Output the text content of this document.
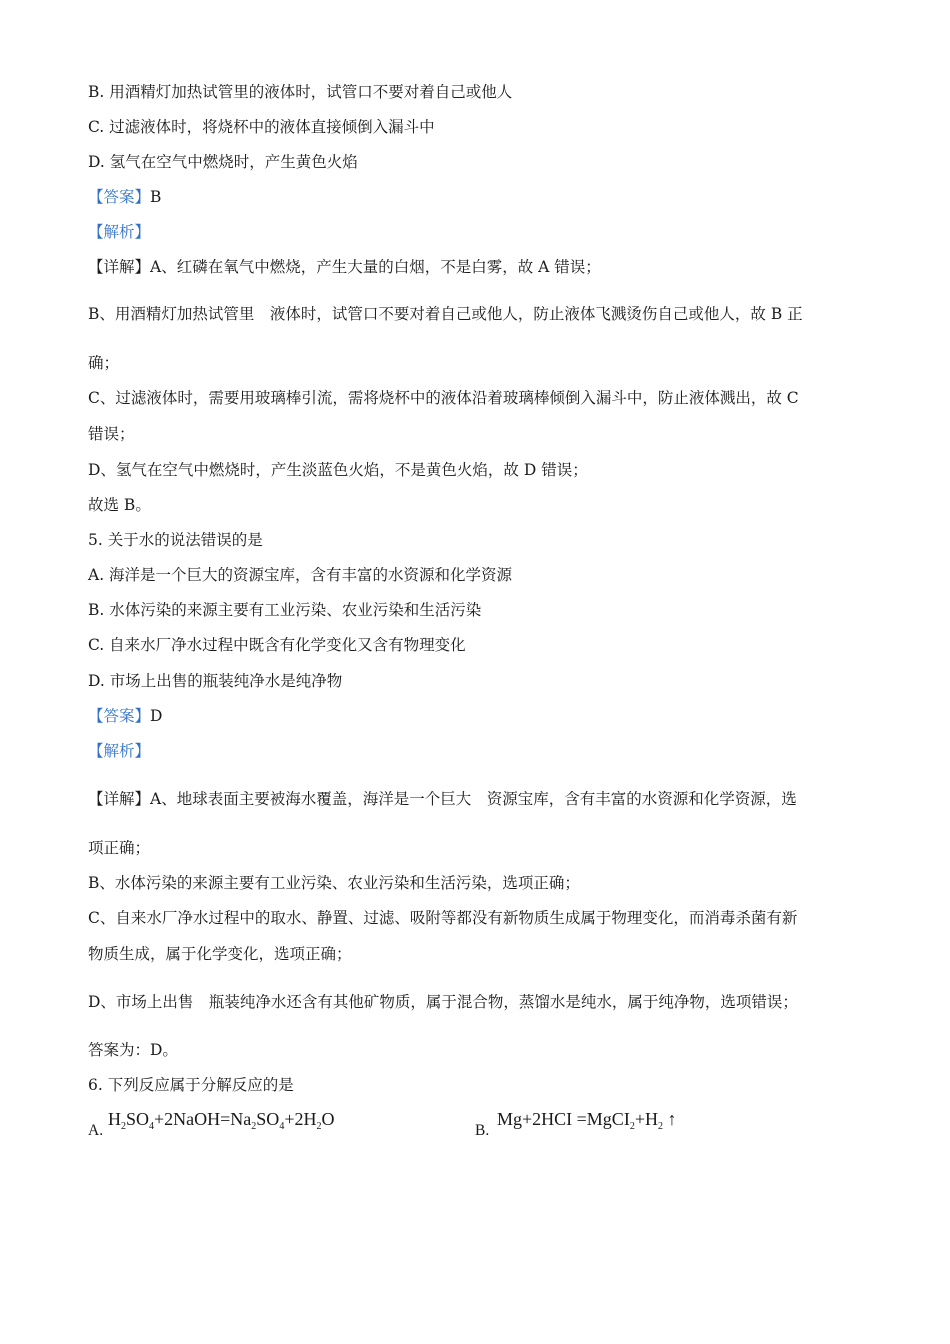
B. 用酒精灯加热试管里的液体时，试管口不要对着自己或他人
C. 过滤液体时，将烧杯中的液体直接倾倒入漏斗中
D. 氢气在空气中燃烧时，产生黄色火焰
【答案】B
【解析】
【详解】A、红磷在氧气中燃烧，产生大量的白烟，不是白雾，故 A 错误；
B、用酒精灯加热试管里　液体时，试管口不要对着自己或他人，防止液体飞溅烫伤自己或他人，故 B 正
确；
C、过滤液体时，需要用玻璃棒引流，需将烧杯中的液体沿着玻璃棒倾倒入漏斗中，防止液体溅出，故 C
错误；
D、氢气在空气中燃烧时，产生淡蓝色火焰，不是黄色火焰，故 D 错误；
故选 B。
5. 关于水的说法错误的是
A. 海洋是一个巨大的资源宝库，含有丰富的水资源和化学资源
B. 水体污染的来源主要有工业污染、农业污染和生活污染
C. 自来水厂净水过程中既含有化学变化又含有物理变化
D. 市场上出售的瓶装纯净水是纯净物
【答案】D
【解析】
【详解】A、地球表面主要被海水覆盖，海洋是一个巨大　资源宝库，含有丰富的水资源和化学资源，选
项正确；
B、水体污染的来源主要有工业污染、农业污染和生活污染，选项正确；
C、自来水厂净水过程中的取水、静置、过滤、吸附等都没有新物质生成属于物理变化，而消毒杀菌有新
物质生成，属于化学变化，选项正确；
D、市场上出售　瓶装纯净水还含有其他矿物质，属于混合物，蒸馏水是纯水，属于纯净物，选项错误；
答案为：D。
6. 下列反应属于分解反应的是
A.
$H_2SO_4+2NaOH=Na_2SO_4+2H_2O$
B.
$Mg+2HCI =MgCI_2+H_2$ ↑
